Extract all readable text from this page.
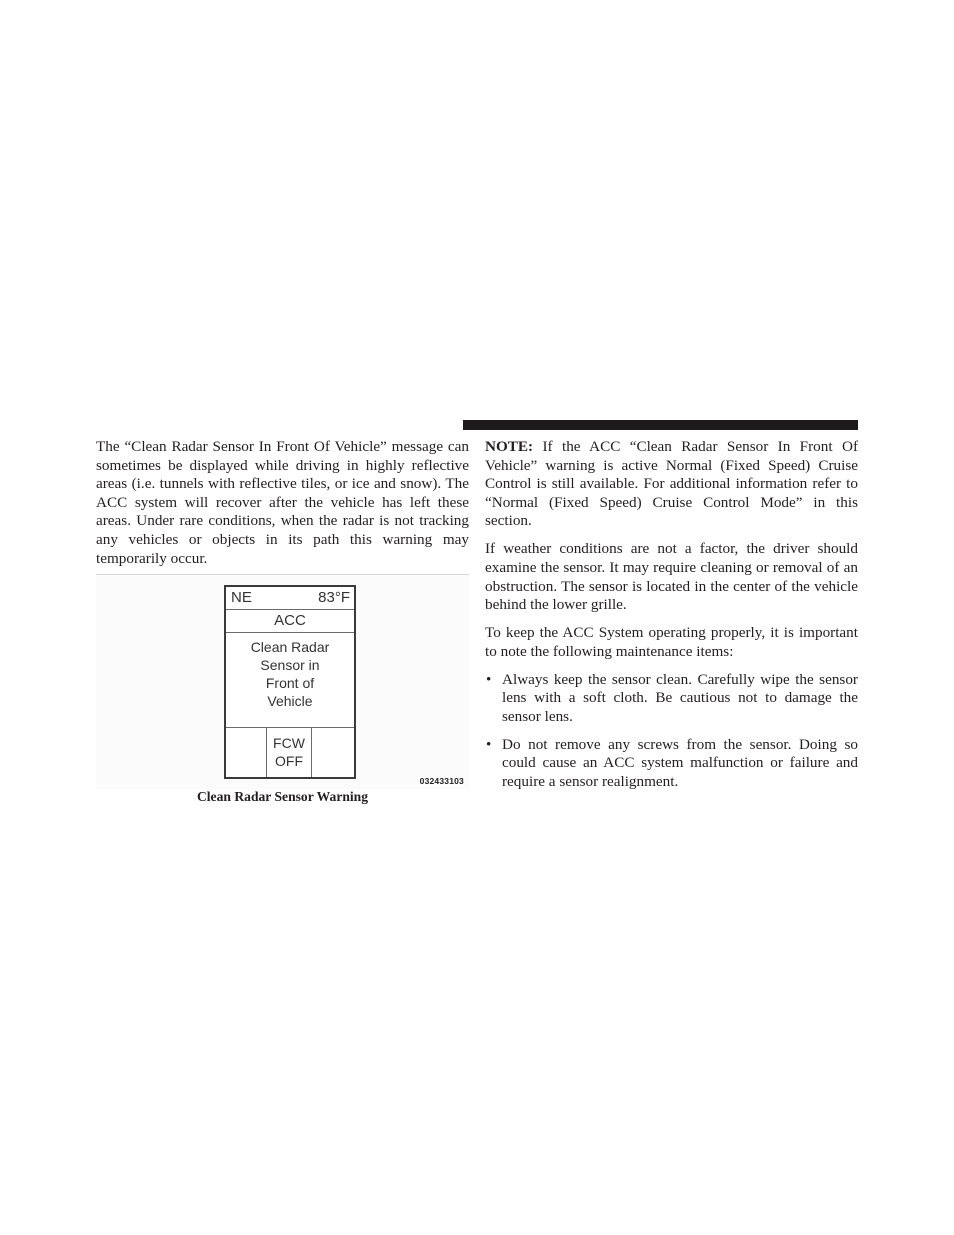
The “Clean Radar Sensor In Front Of Vehicle” message can sometimes be displayed while driving in highly reflective areas (i.e. tunnels with reflective tiles, or ice and snow). The ACC system will recover after the vehicle has left these areas. Under rare conditions, when the radar is not tracking any vehicles or objects in its path this warning may temporarily occur.

NE	83°F
ACC
Clean Radar
Sensor in
Front of
Vehicle
FCW
OFF
032433103
Clean Radar Sensor Warning

NOTE: If the ACC “Clean Radar Sensor In Front Of Vehicle” warning is active Normal (Fixed Speed) Cruise Control is still available. For additional information refer to “Normal (Fixed Speed) Cruise Control Mode” in this section.

If weather conditions are not a factor, the driver should examine the sensor. It may require cleaning or removal of an obstruction. The sensor is located in the center of the vehicle behind the lower grille.

To keep the ACC System operating properly, it is important to note the following maintenance items:

• Always keep the sensor clean. Carefully wipe the sensor lens with a soft cloth. Be cautious not to damage the sensor lens.
• Do not remove any screws from the sensor. Doing so could cause an ACC system malfunction or failure and require a sensor realignment.
